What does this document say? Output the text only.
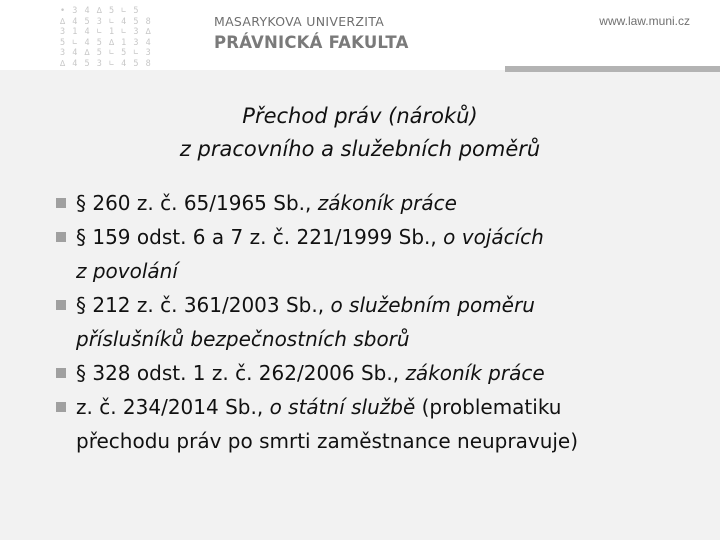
• 3 4 ∆ 5 ∟ 5
∆ 4 5 3 ∟ 4 5 8
3 1 4 ∟ 1 ∟ 3 ∆
5 ∟ 4 5 ∆ 1 3 4
3 4 ∆ 5 ∟ 5 ∟ 3
∆ 4 5 3 ∟ 4 5 8
MASARYKOVA UNIVERZITA
PRÁVNICKÁ FAKULTA
www.law.muni.cz
Přechod práv (nároků)
z pracovního a služebních poměrů
§ 260 z. č. 65/1965 Sb., zákoník práce
§ 159 odst. 6 a 7 z. č. 221/1999 Sb., o vojácích
z povolání
§ 212 z. č. 361/2003 Sb., o služebním poměru
příslušníků bezpečnostních sborů
§ 328 odst. 1 z. č. 262/2006 Sb., zákoník práce
z. č. 234/2014 Sb., o státní službě (problematiku
přechodu práv po smrti zaměstnance neupravuje)
